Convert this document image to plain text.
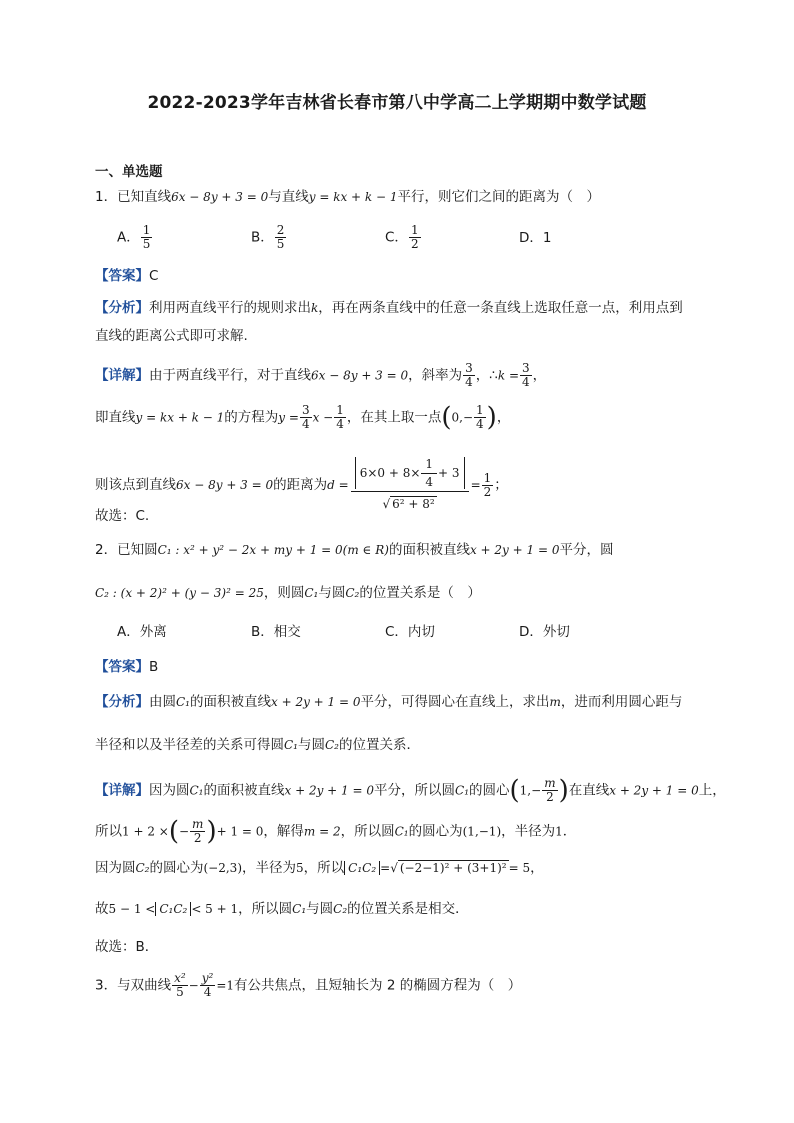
2022-2023学年吉林省长春市第八中学高二上学期期中数学试题
一、单选题
1．已知直线6x − 8y + 3 = 0与直线y = kx + k − 1平行，则它们之间的距离为（　）
A． $\frac{1}{5}$	B． $\frac{2}{5}$	C． $\frac{1}{2}$	D．1
【答案】C
【分析】利用两直线平行的规则求出k，再在两条直线中的任意一条直线上选取任意一点，利用点到
直线的距离公式即可求解.
【详解】由于两直线平行，对于直线6x − 8y + 3 = 0，斜率为 $\frac{3}{4}$ ，∴k = $\frac{3}{4}$ ，
即直线y = kx + k − 1的方程为$y = \frac{3}{4}$ $x - \frac{1}{4}$ ，在其上取一点($0,- \frac{1}{4}$ )，
则该点到直线6x − 8y + 3 = 0的距离为$d = \frac{6\times 0 + 8\times \frac{1}{4} + 3}{\text{√ 6² + 8²}} = \frac{1}{2}$ ；
故选：C.
2．已知圆C₁ : x² + y² − 2x + my + 1 = 0(m ∈ R)的面积被直线x + 2y + 1 = 0平分，圆
C₂ : (x + 2)² + (y − 3)² = 25，则圆C₁与圆C₂的位置关系是（　）
A．外离	B．相交	C．内切	D．外切
【答案】B
【分析】由圆C₁的面积被直线x + 2y + 1 = 0平分，可得圆心在直线上，求出m，进而利用圆心距与
半径和以及半径差的关系可得圆C₁与圆C₂的位置关系．
【详解】因为圆C₁的面积被直线x + 2y + 1 = 0平分，所以圆C₁的圆心($1,- \frac{m}{2}$ )在直线x + 2y + 1 = 0上，
所以1 + 2 ×(− $\frac{m}{2}$ )+ 1 = 0，解得m = 2，所以圆C₁的圆心为(1,−1)，半径为1．
因为圆C₂的圆心为(−2,3)，半径为5，所以 C₁C₂ =√ (−2−1)² + (3+1)² = 5，
故5 − 1 < C₁C₂ < 5 + 1，所以圆C₁与圆C₂的位置关系是相交．
故选：B．
3．与双曲线 $\frac{\text{x²}}{5} - \frac{\text{y²}}{4} =1$有公共焦点，且短轴长为 2 的椭圆方程为（　）
